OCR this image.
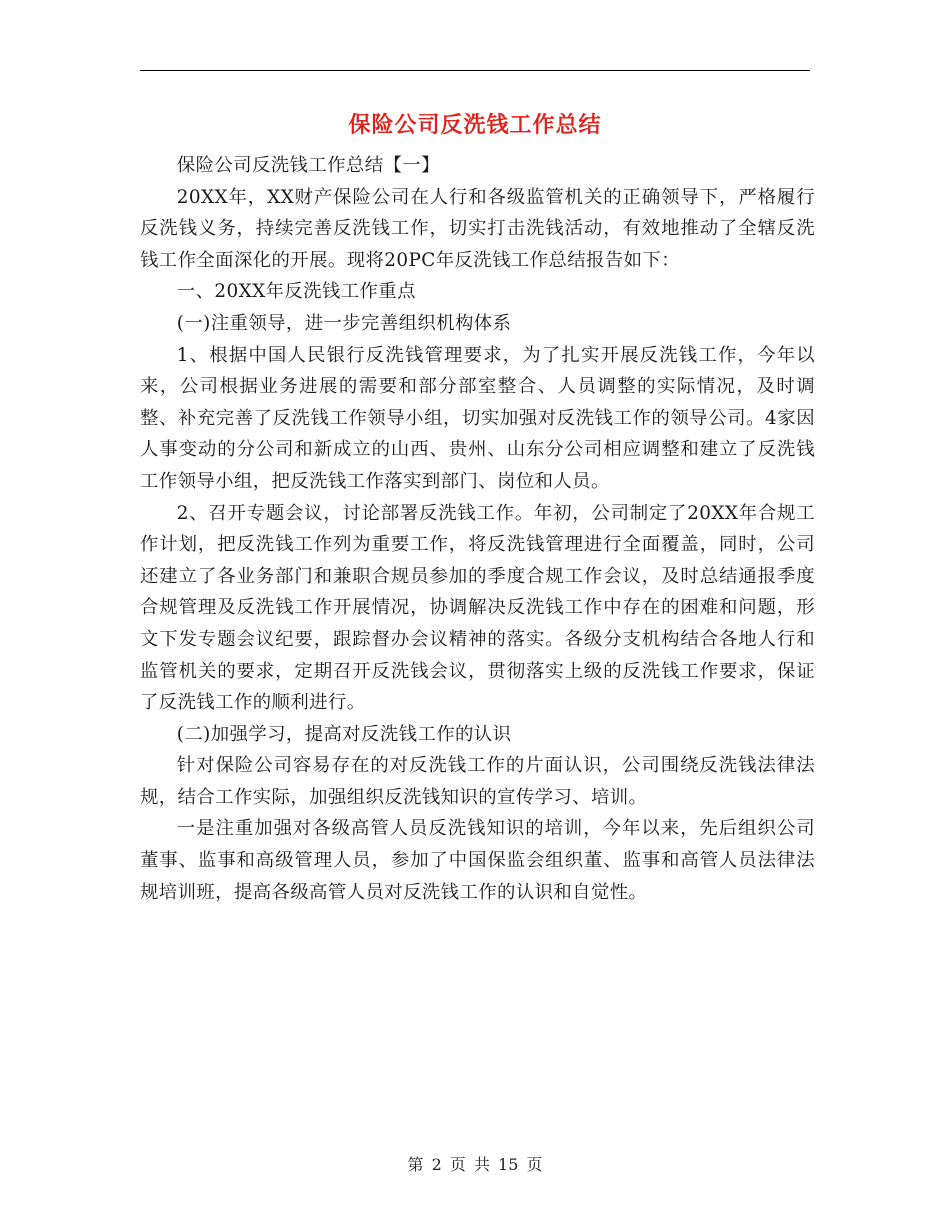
保险公司反洗钱工作总结

保险公司反洗钱工作总结【一】

20XX年，XX财产保险公司在人行和各级监管机关的正确领导下，严格履行反洗钱义务，持续完善反洗钱工作，切实打击洗钱活动，有效地推动了全辖反洗钱工作全面深化的开展。现将20PC年反洗钱工作总结报告如下：

一、20XX年反洗钱工作重点

(一)注重领导，进一步完善组织机构体系

1、根据中国人民银行反洗钱管理要求，为了扎实开展反洗钱工作，今年以来，公司根据业务进展的需要和部分部室整合、人员调整的实际情况，及时调整、补充完善了反洗钱工作领导小组，切实加强对反洗钱工作的领导公司。4家因人事变动的分公司和新成立的山西、贵州、山东分公司相应调整和建立了反洗钱工作领导小组，把反洗钱工作落实到部门、岗位和人员。

2、召开专题会议，讨论部署反洗钱工作。年初，公司制定了20XX年合规工作计划，把反洗钱工作列为重要工作，将反洗钱管理进行全面覆盖，同时，公司还建立了各业务部门和兼职合规员参加的季度合规工作会议，及时总结通报季度合规管理及反洗钱工作开展情况，协调解决反洗钱工作中存在的困难和问题，形文下发专题会议纪要，跟踪督办会议精神的落实。各级分支机构结合各地人行和监管机关的要求，定期召开反洗钱会议，贯彻落实上级的反洗钱工作要求，保证了反洗钱工作的顺利进行。

(二)加强学习，提高对反洗钱工作的认识

针对保险公司容易存在的对反洗钱工作的片面认识，公司围绕反洗钱法律法规，结合工作实际，加强组织反洗钱知识的宣传学习、培训。

一是注重加强对各级高管人员反洗钱知识的培训，今年以来，先后组织公司董事、监事和高级管理人员，参加了中国保监会组织董、监事和高管人员法律法规培训班，提高各级高管人员对反洗钱工作的认识和自觉性。

第 2 页 共 15 页
